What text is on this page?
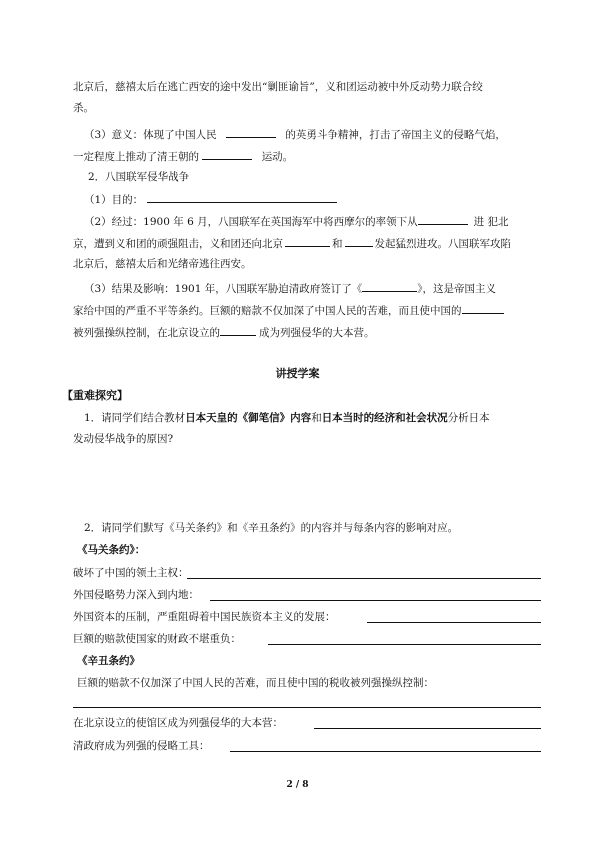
北京后，慈禧太后在逃亡西安的途中发出“剿匪谕旨”，义和团运动被中外反动势力联合绞
杀。
（3）意义：体现了中国人民	的英勇斗争精神，打击了帝国主义的侵略气焰，
一定程度上推动了清王朝的	运动。
2．八国联军侵华战争
（1）目的：
（2）经过：1900 年 6 月，八国联军在英国海军中将西摩尔的率领下从	进 犯北
京，遭到义和团的顽强阻击，义和团还向北京	和	发起猛烈进攻。八国联军攻陷
北京后，慈禧太后和光绪帝逃往西安。
（3）结果及影响：1901 年，八国联军胁迫清政府签订了《	》，这是帝国主义
家给中国的严重不平等条约。巨额的赔款不仅加深了中国人民的苦难，而且使中国的
被列强操纵控制，在北京设立的	成为列强侵华的大本营。
讲授学案
【重难探究】
1．请同学们结合教材日本天皇的《御笔信》内容和日本当时的经济和社会状况分析日本
发动侵华战争的原因?
2．请同学们默写《马关条约》和《辛丑条约》的内容并与每条内容的影响对应。
《马关条约》：
破坏了中国的领土主权：
外国侵略势力深入到内地：
外国资本的压制，严重阻碍着中国民族资本主义的发展：
巨额的赔款使国家的财政不堪重负：
《辛丑条约》
巨额的赔款不仅加深了中国人民的苦难，而且使中国的税收被列强操纵控制：
在北京设立的使馆区成为列强侵华的大本营：
清政府成为列强的侵略工具：
2 / 8
